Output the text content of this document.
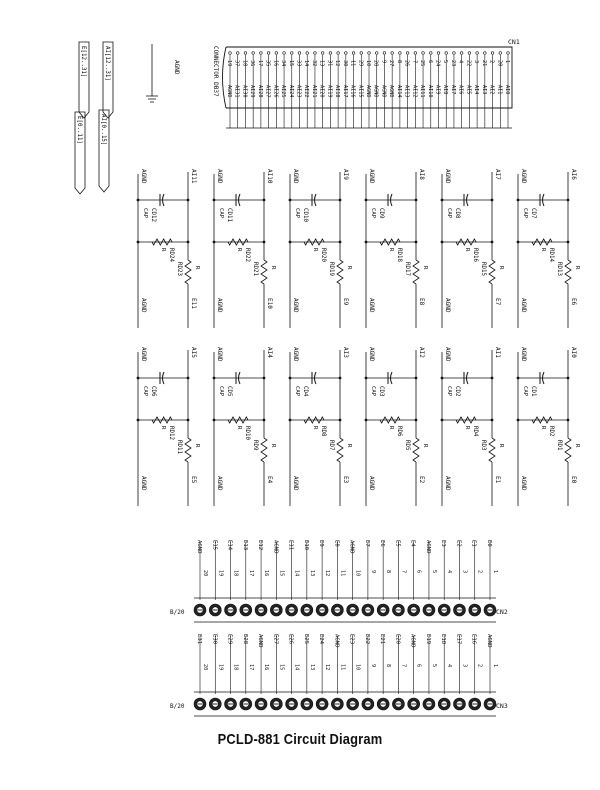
CN1
CONNECTOR DB37	1
AI0
20
AI1
2
AI2
21
AI3
3
AI4
22
AI5
4
AI6
23
AI7
5
AI8
24
AI9
6
AI10
25
AI11
7
AI12
26
AI13
8
AI14
27
AGND
9
AGND
28
AGND
10
AGND
29
AI15
11
AI16
30
AI17
12
AI18
31
AI19
13
AI20
32
AI21
14
AI22
33
AI23
15
AI24
34
AI25
16
AI26
35
AI27
17
AI28
36
AI29
18
AI30
37
AI31
19
AGND
AGND
AI[12..31]
AI[0..15]
E[12..31]
E[0..11]
AI11
RD23 R
E11
AGND
AGND
CD12
CAP
RD24
R
AI10
RD21 R
E10
AGND
AGND
CD11
CAP
RD22
R
AI9
RD19 R
E9
AGND
AGND
CD10
CAP
RD20
R
AI8
RD17 R
E8
AGND
AGND
CD9
CAP
RD18
R
AI7
RD15 R
E7
AGND
AGND
CD8
CAP
RD16
R
AI6
RD13 R
E6
AGND
AGND
CD7
CAP
RD14
R
AI5
RD11 R
E5
AGND
AGND
CD6
CAP
RD12
R
AI4
RD9 R
E4
AGND
AGND
CD5
CAP
RD10
R
AI3
RD7 R
E3
AGND
AGND
CD4
CAP
RD8
R
AI2
RD5 R
E2
AGND
AGND
CD3
CAP
RD6
R
AI1
RD3 R
E1
AGND
AGND
CD2
CAP
RD4
R
AI0
RD1 R
E0
AGND
AGND
CD1
CAP
RD2
R
CN2
B/20
AGND
20
E15
19
E14
18
E13
17
E12
16
AGND
15
E11
14
E10
13
E9
12
E8
11
AGND
10
E7
9
E6
8
E5
7
E4
6
AGND
5
E3
4
E2
3
E1
2
E0
1
CN3
B/20
E31
20
E30
19
E29
18
E28
17
AGND
16
E27
15
E26
14
E25
13
E24
12
AGND
11
E23
10
E22
9
E21
8
E20
7
AGND
6
E19
5
E18
4
E17
3
E16
2
AGND
1
PCLD-881 Circuit Diagram
